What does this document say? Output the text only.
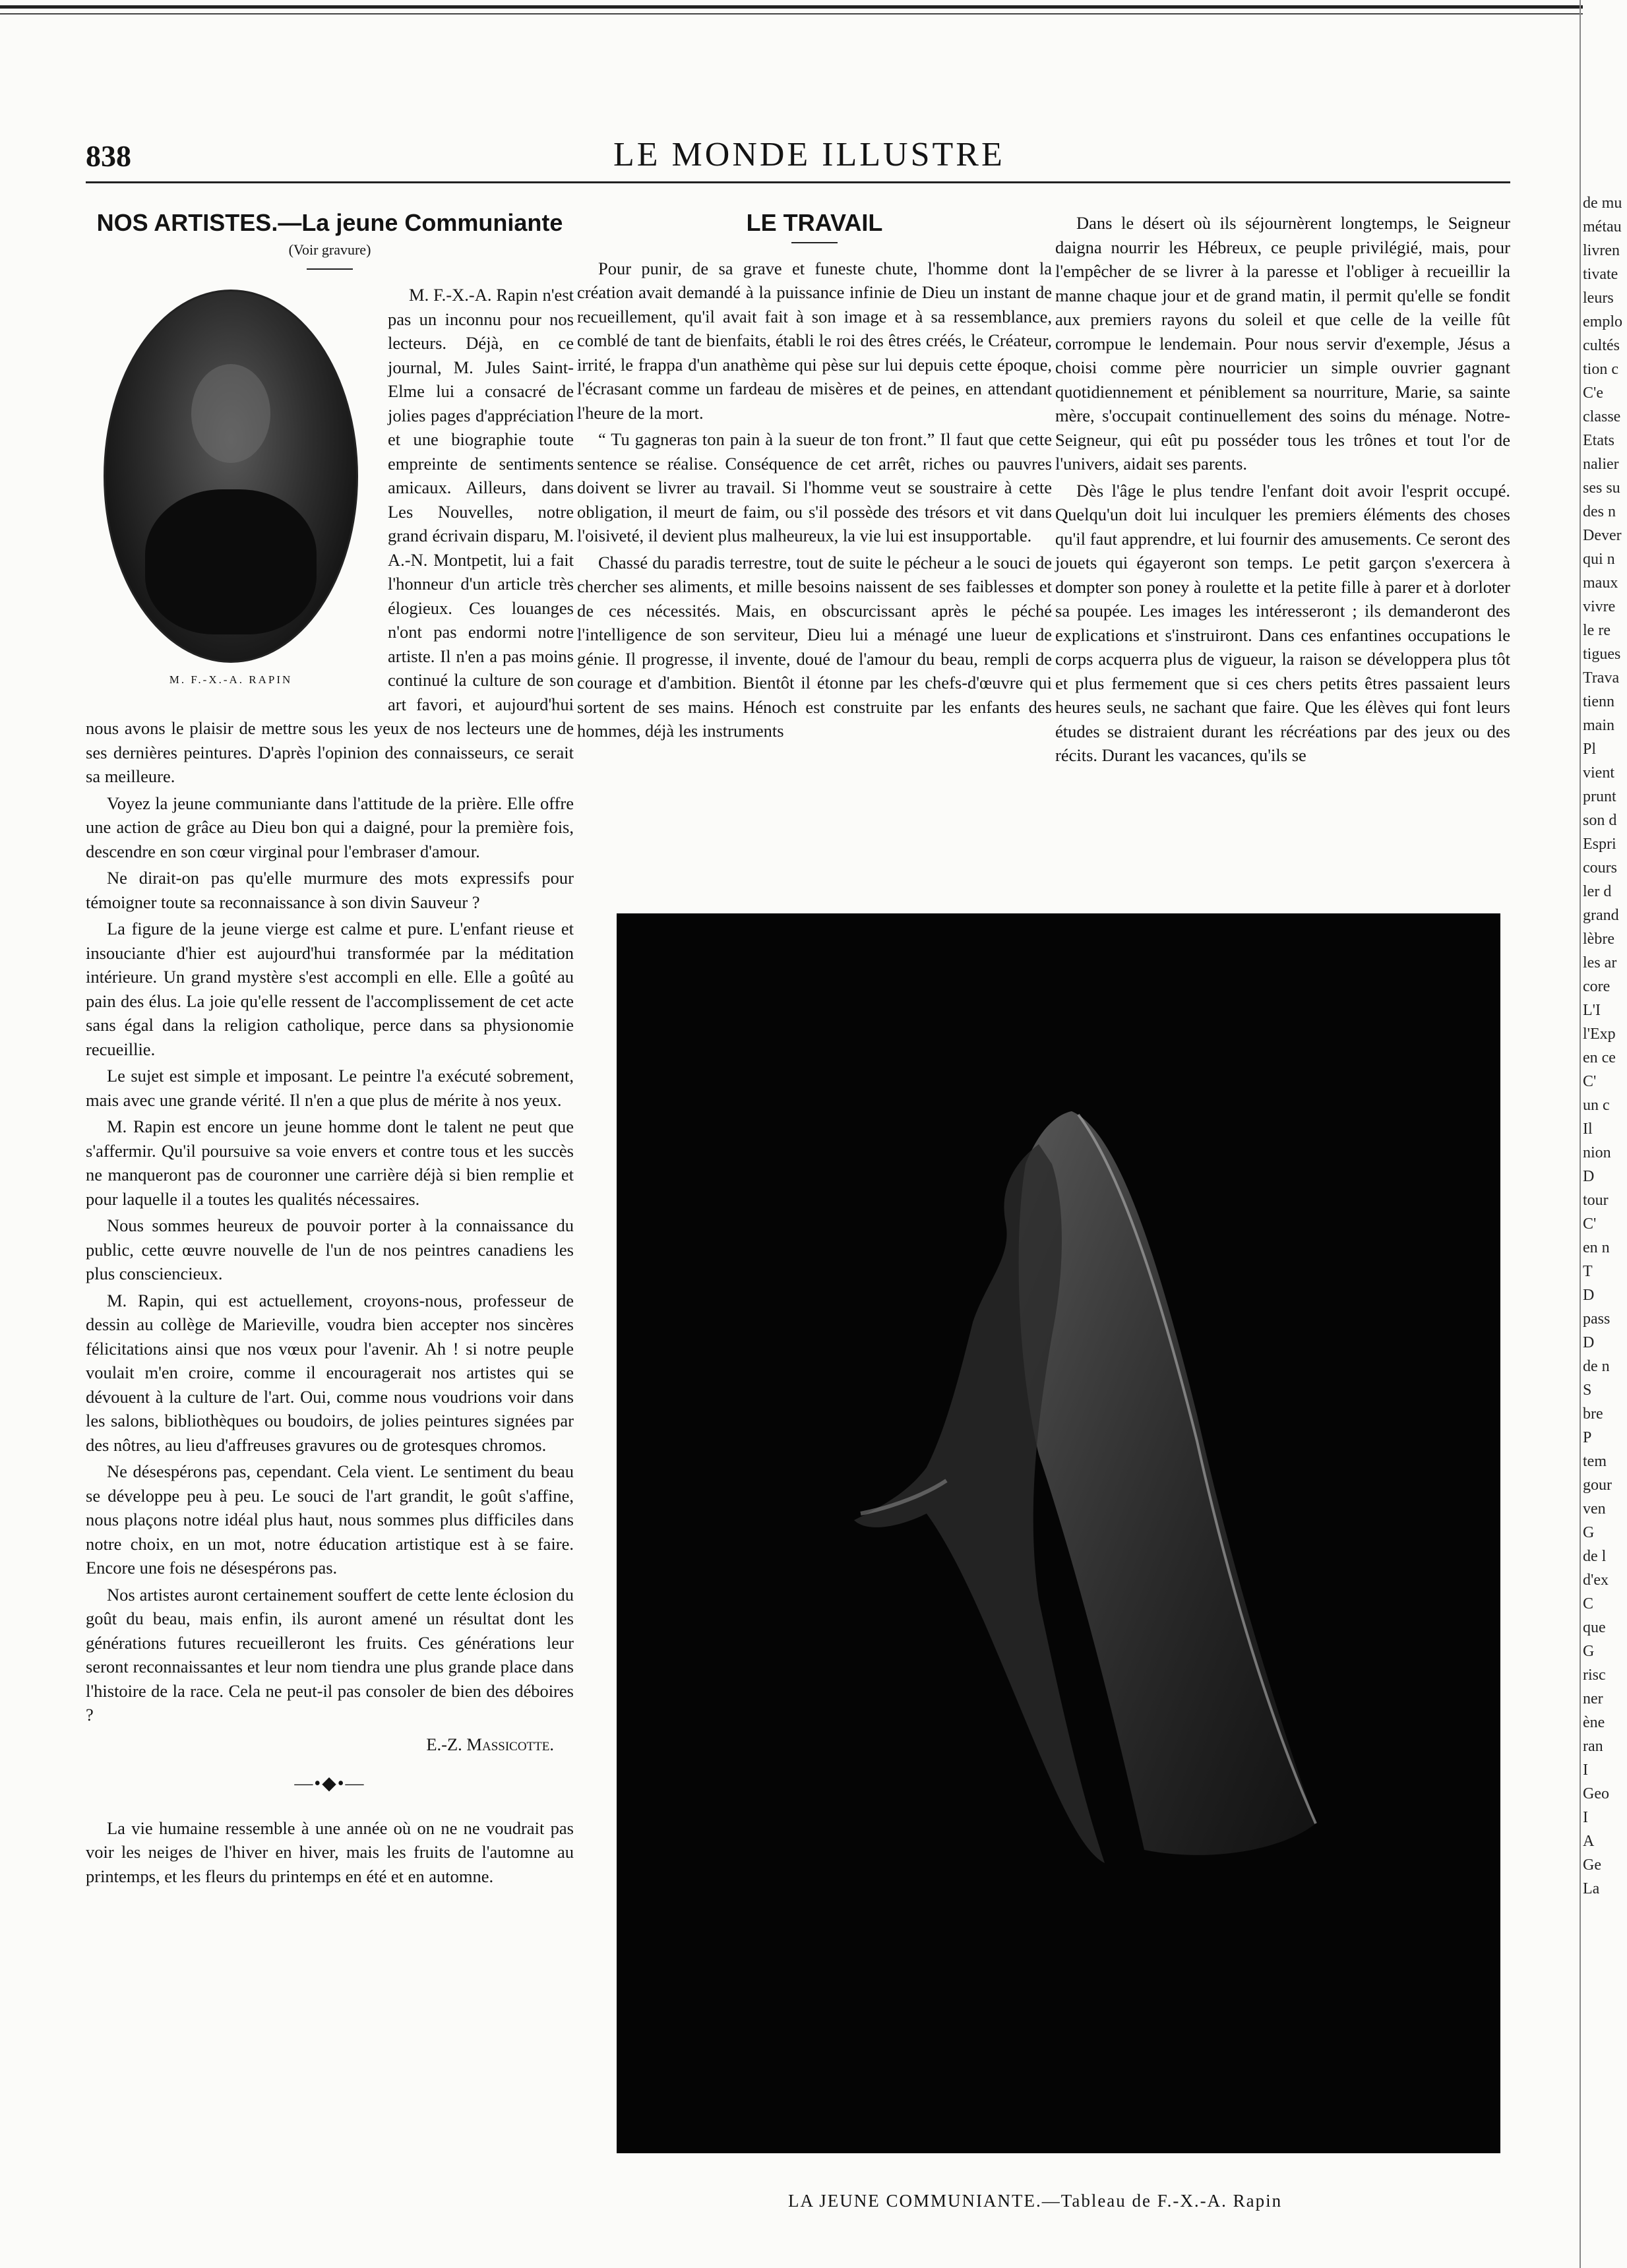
838	LE MONDE ILLUSTRE

NOS ARTISTES.—La jeune Communiante

(Voir gravure)

M. F.-X.-A. RAPIN

M. F.-X.-A. Rapin n'est pas un inconnu pour nos lecteurs. Déjà, en ce journal, M. Jules Saint-Elme lui a consacré de jolies pages d'appréciation et une biographie toute empreinte de sentiments amicaux. Ailleurs, dans Les Nouvelles, notre grand écrivain disparu, M. A.-N. Montpetit, lui a fait l'honneur d'un article très élogieux. Ces louanges n'ont pas endormi notre artiste. Il n'en a pas moins continué la culture de son art favori, et aujourd'hui nous avons le plaisir de mettre sous les yeux de nos lecteurs une de ses dernières peintures. D'après l'opinion des connaisseurs, ce serait sa meilleure.

Voyez la jeune communiante dans l'attitude de la prière. Elle offre une action de grâce au Dieu bon qui a daigné, pour la première fois, descendre en son cœur virginal pour l'embraser d'amour.

Ne dirait-on pas qu'elle murmure des mots expressifs pour témoigner toute sa reconnaissance à son divin Sauveur ?

La figure de la jeune vierge est calme et pure. L'enfant rieuse et insouciante d'hier est aujourd'hui transformée par la méditation intérieure. Un grand mystère s'est accompli en elle. Elle a goûté au pain des élus. La joie qu'elle ressent de l'accomplissement de cet acte sans égal dans la religion catholique, perce dans sa physionomie recueillie.

Le sujet est simple et imposant. Le peintre l'a exécuté sobrement, mais avec une grande vérité. Il n'en a que plus de mérite à nos yeux.

M. Rapin est encore un jeune homme dont le talent ne peut que s'affermir. Qu'il poursuive sa voie envers et contre tous et les succès ne manqueront pas de couronner une carrière déjà si bien remplie et pour laquelle il a toutes les qualités nécessaires.

Nous sommes heureux de pouvoir porter à la connaissance du public, cette œuvre nouvelle de l'un de nos peintres canadiens les plus consciencieux.

M. Rapin, qui est actuellement, croyons-nous, professeur de dessin au collège de Marieville, voudra bien accepter nos sincères félicitations ainsi que nos vœux pour l'avenir. Ah ! si notre peuple voulait m'en croire, comme il encouragerait nos artistes qui se dévouent à la culture de l'art. Oui, comme nous voudrions voir dans les salons, bibliothèques ou boudoirs, de jolies peintures signées par des nôtres, au lieu d'affreuses gravures ou de grotesques chromos.

Ne désespérons pas, cependant. Cela vient. Le sentiment du beau se développe peu à peu. Le souci de l'art grandit, le goût s'affine, nous plaçons notre idéal plus haut, nous sommes plus difficiles dans notre choix, en un mot, notre éducation artistique est à se faire. Encore une fois ne désespérons pas.

Nos artistes auront certainement souffert de cette lente éclosion du goût du beau, mais enfin, ils auront amené un résultat dont les générations futures recueilleront les fruits. Ces générations leur seront reconnaissantes et leur nom tiendra une plus grande place dans l'histoire de la race. Cela ne peut-il pas consoler de bien des déboires ?

E.-Z. Massicotte.
—•◆•—

La vie humaine ressemble à une année où on ne ne voudrait pas voir les neiges de l'hiver en hiver, mais les fruits de l'automne au printemps, et les fleurs du printemps en été et en automne.

LE TRAVAIL

Pour punir, de sa grave et funeste chute, l'homme dont la création avait demandé à la puissance infinie de Dieu un instant de recueillement, qu'il avait fait à son image et à sa ressemblance, comblé de tant de bienfaits, établi le roi des êtres créés, le Créateur, irrité, le frappa d'un anathème qui pèse sur lui depuis cette époque, l'écrasant comme un fardeau de misères et de peines, en attendant l'heure de la mort.

“ Tu gagneras ton pain à la sueur de ton front.” Il faut que cette sentence se réalise. Conséquence de cet arrêt, riches ou pauvres doivent se livrer au travail. Si l'homme veut se soustraire à cette obligation, il meurt de faim, ou s'il possède des trésors et vit dans l'oisiveté, il devient plus malheureux, la vie lui est insupportable.

Chassé du paradis terrestre, tout de suite le pécheur a le souci de chercher ses aliments, et mille besoins naissent de ses faiblesses et de ces nécessités. Mais, en obscurcissant après le péché l'intelligence de son serviteur, Dieu lui a ménagé une lueur de génie. Il progresse, il invente, doué de l'amour du beau, rempli de courage et d'ambition. Bientôt il étonne par les chefs-d'œuvre qui sortent de ses mains. Hénoch est construite par les enfants des hommes, déjà les instruments

Dans le désert où ils séjournèrent longtemps, le Seigneur daigna nourrir les Hébreux, ce peuple privilégié, mais, pour l'empêcher de se livrer à la paresse et l'obliger à recueillir la manne chaque jour et de grand matin, il permit qu'elle se fondit aux premiers rayons du soleil et que celle de la veille fût corrompue le lendemain. Pour nous servir d'exemple, Jésus a choisi comme père nourricier un simple ouvrier gagnant quotidiennement et péniblement sa nourriture, Marie, sa sainte mère, s'occupait continuellement des soins du ménage. Notre-Seigneur, qui eût pu posséder tous les trônes et tout l'or de l'univers, aidait ses parents.

Dès l'âge le plus tendre l'enfant doit avoir l'esprit occupé. Quelqu'un doit lui inculquer les premiers éléments des choses qu'il faut apprendre, et lui fournir des amusements. Ce seront des jouets qui égayeront son temps. Le petit garçon s'exercera à dompter son poney à roulette et la petite fille à parer et à dorloter sa poupée. Les images les intéresseront ; ils demanderont des explications et s'instruiront. Dans ces enfantines occupations le corps acquerra plus de vigueur, la raison se développera plus tôt et plus fermement que si ces chers petits êtres passaient leurs heures seuls, ne sachant que faire. Que les élèves qui font leurs études se distraient durant les récréations par des jeux ou des récits. Durant les vacances, qu'ils se

LA JEUNE COMMUNIANTE.—Tableau de F.-X.-A. Rapin
de mu
métau
livren
tivate
leurs
emplo
cultés
tion c
C'e
classe
Etats
nalier
ses su
des n
Dever
qui n
maux
vivre
le re
tigues
Trava
tienn
main
Pl
vient
prunt
son d
Espri
cours
ler d
grand
lèbre
les ar
core
L'I
l'Exp
en ce
C'
un c
Il
nion
D
tour
C'
en n
T
D
pass
D
de n
S
bre
P
tem
gour
ven
G
de l
d'ex
C
que
G
risc
ner
ène
ran
I
Geo
I
A
Ge
La
